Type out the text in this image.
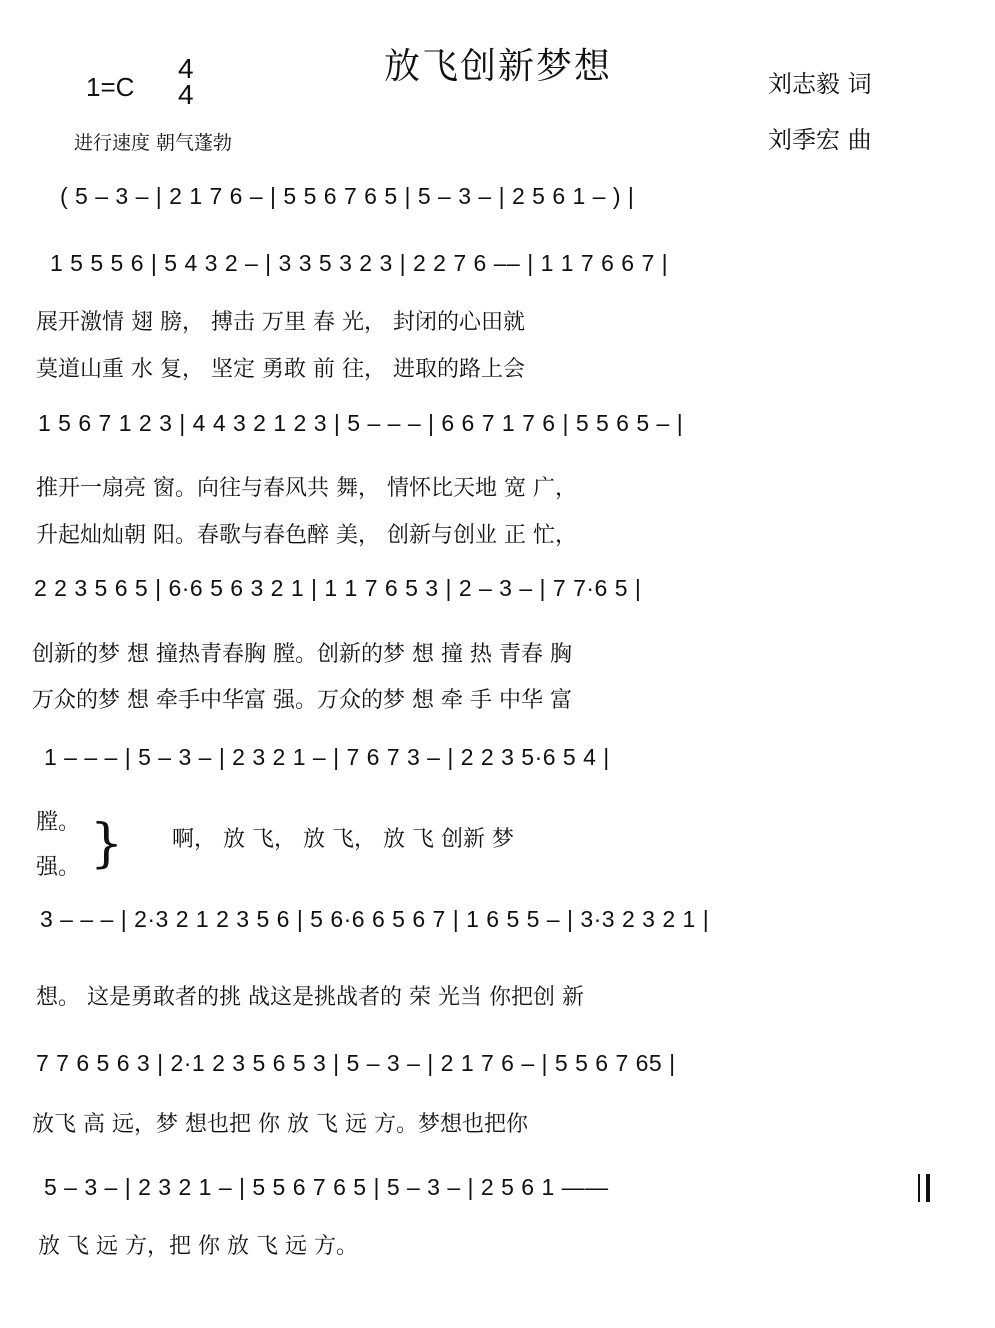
放飞创新梦想
1=C
4
4
进行速度 朝气蓬勃
刘志毅 词
刘季宏 曲
( 5 – 3 – | 2 1 7 6 – | 5 5 6 7 6 5 | 5 – 3 – | 2 5 6 1 – ) |
1 5 5 5 6 | 5 4 3 2 – | 3 3 5 3 2 3 | 2 2 7 6 –– | 1 1 7 6 6 7 |
展开激情 翅 膀， 搏击 万里 春 光， 封闭的心田就
莫道山重 水 复， 坚定 勇敢 前 往， 进取的路上会
1 5 6 7 1 2 3 | 4 4 3 2 1 2 3 | 5 – – – | 6 6 7 1 7 6 | 5 5 6 5 – |
推开一扇亮 窗。向往与春风共 舞， 情怀比天地 宽 广，
升起灿灿朝 阳。春歌与春色醉 美， 创新与创业 正 忙，
2 2 3 5 6 5 | 6·6 5 6 3 2 1 | 1 1 7 6 5 3 | 2 – 3 – | 7 7·6 5 |
创新的梦 想 撞热青春胸 膛。创新的梦 想 撞 热 青春 胸
万众的梦 想 牵手中华富 强。万众的梦 想 牵 手 中华 富
1 – – – | 5 – 3 – | 2 3 2 1 – | 7 6 7 3 – | 2 2 3 5·6 5 4 |
膛。
强。 } 啊， 放 飞， 放 飞， 放 飞 创新 梦
3 – – – | 2·3 2 1 2 3 5 6 | 5 6·6 6 5 6 7 | 1 6 5 5 – | 3·3 2 3 2 1 |
想。 这是勇敢者的挑 战这是挑战者的 荣 光当 你把创 新
7 7 6 5 6 3 | 2·1 2 3 5 6 5 3 | 5 – 3 – | 2 1 7 6 – | 5 5 6 7 65 |
放飞 高 远，梦 想也把 你 放 飞 远 方。梦想也把你
5 – 3 – | 2 3 2 1 – | 5 5 6 7 6 5 | 5 – 3 – | 2 5 6 1 ——
放 飞 远 方，把 你 放 飞 远 方。
